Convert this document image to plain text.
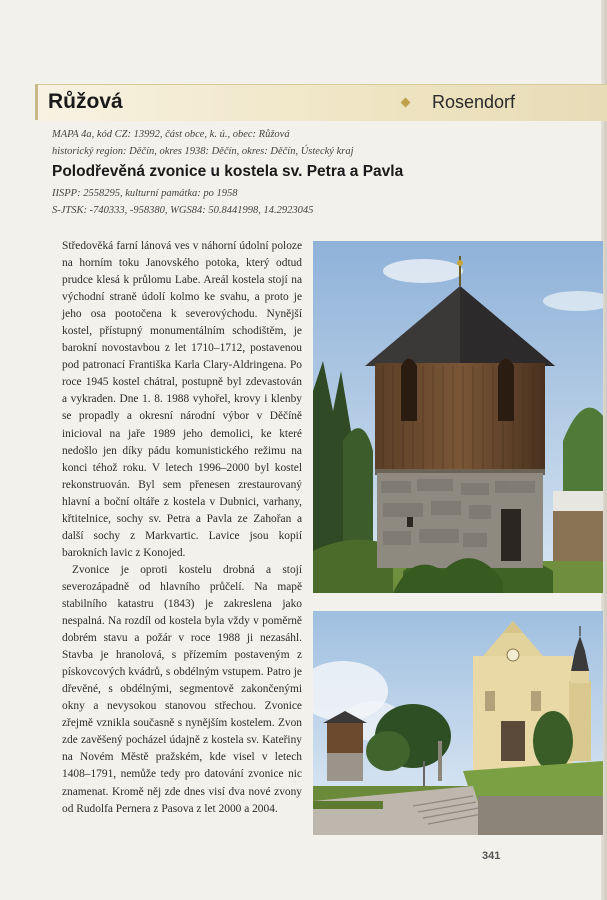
Růžová	Rosendorf
MAPA 4a, kód CZ: 13992, část obce, k. ú., obec: Růžová
historický region: Děčín, okres 1938: Děčín, okres: Děčín, Ústecký kraj
Polodřevěná zvonice u kostela sv. Petra a Pavla
IISPP: 2558295, kulturní památka: po 1958
S-JTSK: -740333, -958380, WGS84: 50.8441998, 14.2923045

Středověká farní lánová ves v náhorní údolní poloze na horním toku Janovského potoka, který odtud prudce klesá k průlomu Labe. Areál kostela stojí na východní straně údolí kolmo ke svahu, a proto je jeho osa pootočena k severovýchodu. Nynější kostel, přístupný monumentálním schodištěm, je barokní novostavbou z let 1710–1712, postavenou pod patronací Františka Karla Clary-Aldringena. Po roce 1945 kostel chátral, postupně byl zdevastován a vykraden. Dne 1. 8. 1988 vyhořel, krovy i klenby se propadly a okresní národní výbor v Děčíně inicioval na jaře 1989 jeho demolici, ke které nedošlo jen díky pádu komunistického režimu na konci téhož roku. V letech 1996–2000 byl kostel rekonstruován. Byl sem přenesen zrestaurovaný hlavní a boční oltáře z kostela v Dubnici, varhany, křtitelnice, sochy sv. Petra a Pavla ze Zahořan a další sochy z Markvartic. Lavice jsou kopií barokních lavic z Konojed.

Zvonice je oproti kostelu drobná a stojí severozápadně od hlavního průčelí. Na mapě stabilního katastru (1843) je zakreslena jako nespalná. Na rozdíl od kostela byla vždy v poměrně dobrém stavu a požár v roce 1988 ji nezasáhl. Stavba je hranolová, s přízemím postaveným z pískovcových kvádrů, s obdélným vstupem. Patro je dřevěné, s obdélnými, segmentově zakončenými okny a nevysokou stanovou střechou. Zvonice zřejmě vznikla současně s nynějším kostelem. Zvon zde zavěšený pocházel údajně z kostela sv. Kateřiny na Novém Městě pražském, kde visel v letech 1408–1791, nemůže tedy pro datování zvonice nic znamenat. Kromě něj zde dnes visí dva nové zvony od Rudolfa Pernera z Pasova z let 2000 a 2004.

341
